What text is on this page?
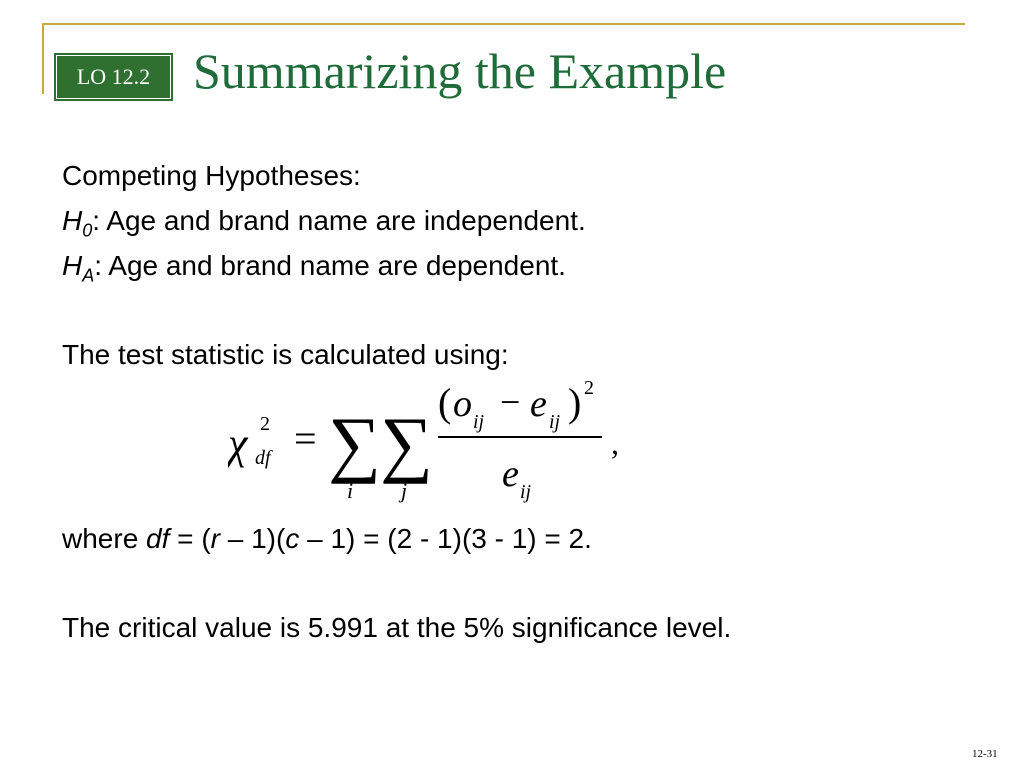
LO 12.2 Summarizing the Example
Competing Hypotheses:
$H_0$: Age and brand name are independent.
$H_A$: Age and brand name are dependent.
The test statistic is calculated using:
χ 2
df = ∑
i
∑
j
( o ij − e ij ) 2
e ij
,
where df = (r – 1)(c – 1) = (2 - 1)(3 - 1) = 2.
The critical value is 5.991 at the 5% significance level.
12-31
